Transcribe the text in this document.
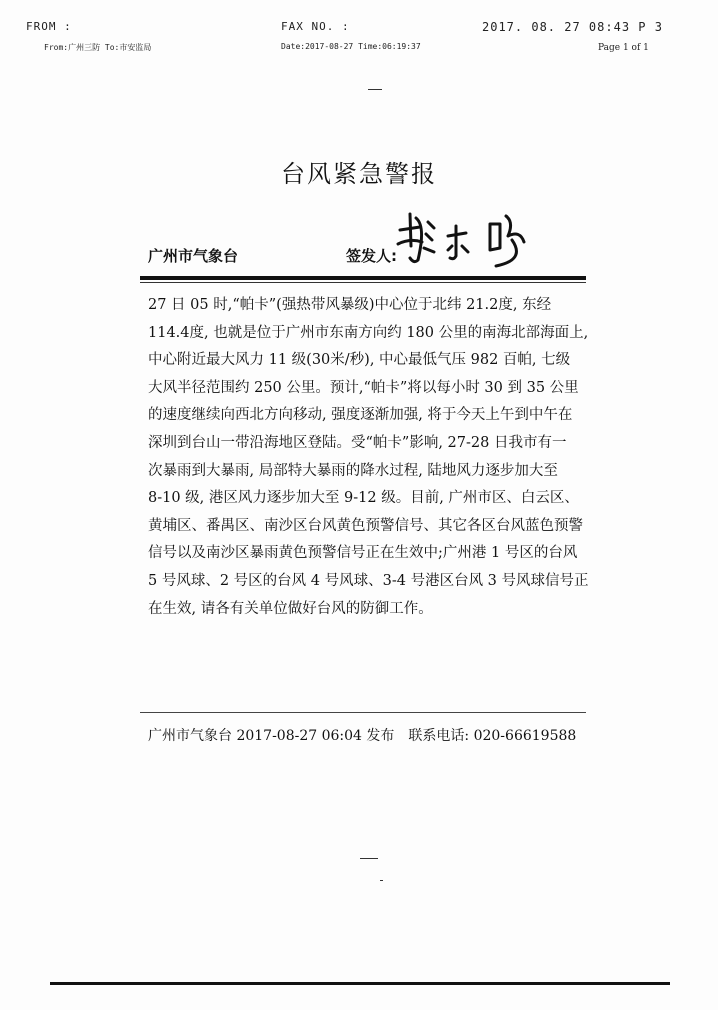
FROM :	FAX NO. :	2017. 08. 27 08:43 P 3
From:广州三防 To:市安监局	Date:2017-08-27 Time:06:19:37	Page 1 of 1
台风紧急警报
广州市气象台	签发人:

27 日 05 时,“帕卡”(强热带风暴级)中心位于北纬 21.2度, 东经

114.4度, 也就是位于广州市东南方向约 180 公里的南海北部海面上,

中心附近最大风力 11 级(30米/秒), 中心最低气压 982 百帕, 七级

大风半径范围约 250 公里。预计,“帕卡”将以每小时 30 到 35 公里

的速度继续向西北方向移动, 强度逐渐加强, 将于今天上午到中午在

深圳到台山一带沿海地区登陆。受“帕卡”影响, 27-28 日我市有一

次暴雨到大暴雨, 局部特大暴雨的降水过程, 陆地风力逐步加大至

8-10 级, 港区风力逐步加大至 9-12 级。目前, 广州市区、白云区、

黄埔区、番禺区、南沙区台风黄色预警信号、其它各区台风蓝色预警

信号以及南沙区暴雨黄色预警信号正在生效中;广州港 1 号区的台风

5 号风球、2 号区的台风 4 号风球、3-4 号港区台风 3 号风球信号正

在生效, 请各有关单位做好台风的防御工作。

广州市气象台 2017-08-27 06:04 发布 联系电话: 020-66619588
